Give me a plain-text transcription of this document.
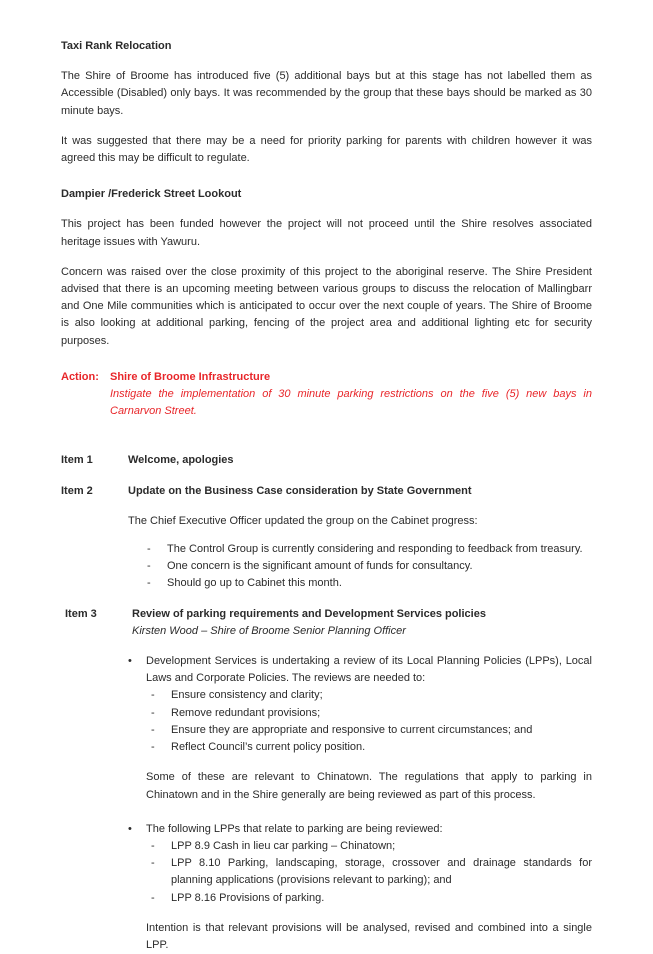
Taxi Rank Relocation
The Shire of Broome has introduced five (5) additional bays but at this stage has not labelled them as Accessible (Disabled) only bays. It was recommended by the group that these bays should be marked as 30 minute bays.
It was suggested that there may be a need for priority parking for parents with children however it was agreed this may be difficult to regulate.
Dampier /Frederick Street Lookout
This project has been funded however the project will not proceed until the Shire resolves associated heritage issues with Yawuru.
Concern was raised over the close proximity of this project to the aboriginal reserve. The Shire President advised that there is an upcoming meeting between various groups to discuss the relocation of Mallingbarr and One Mile communities which is anticipated to occur over the next couple of years. The Shire of Broome is also looking at additional parking, fencing of the project area and additional lighting etc for security purposes.
Action:	Shire of Broome Infrastructure
Instigate the implementation of 30 minute parking restrictions on the five (5) new bays in Carnarvon Street.
Item 1	Welcome, apologies
Item 2	Update on the Business Case consideration by State Government
The Chief Executive Officer updated the group on the Cabinet progress:
- The Control Group is currently considering and responding to feedback from treasury.
- One concern is the significant amount of funds for consultancy.
- Should go up to Cabinet this month.
Item 3	Review of parking requirements and Development Services policies
Kirsten Wood – Shire of Broome Senior Planning Officer
• Development Services is undertaking a review of its Local Planning Policies (LPPs), Local Laws and Corporate Policies. The reviews are needed to:
- Ensure consistency and clarity;
- Remove redundant provisions;
- Ensure they are appropriate and responsive to current circumstances; and
- Reflect Council’s current policy position.
Some of these are relevant to Chinatown. The regulations that apply to parking in Chinatown and in the Shire generally are being reviewed as part of this process.
• The following LPPs that relate to parking are being reviewed:
- LPP 8.9 Cash in lieu car parking – Chinatown;
- LPP 8.10 Parking, landscaping, storage, crossover and drainage standards for planning applications (provisions relevant to parking); and
- LPP 8.16 Provisions of parking.
Intention is that relevant provisions will be analysed, revised and combined into a single LPP.
